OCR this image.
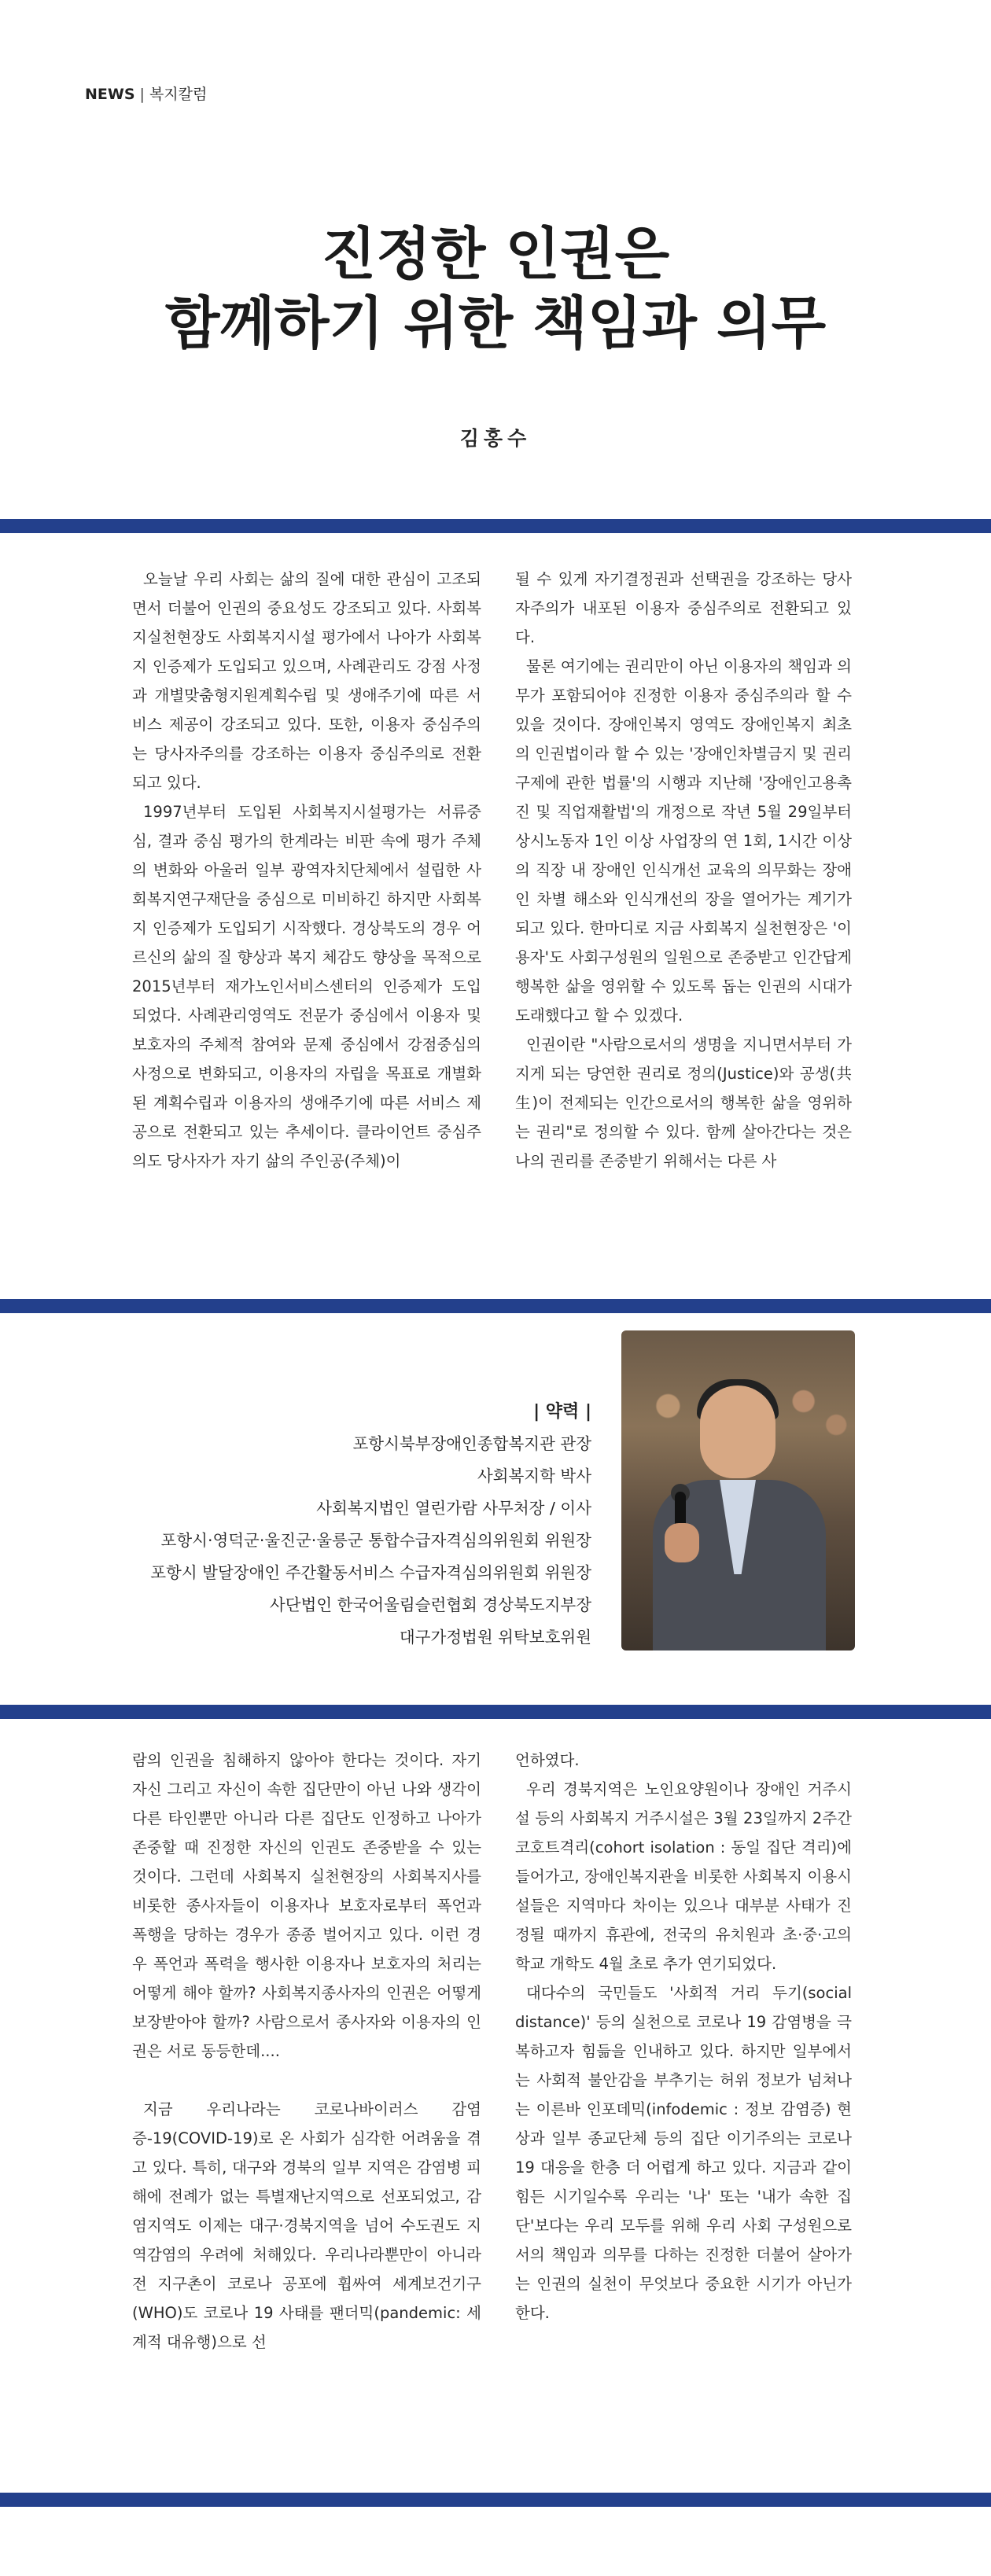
NEWS | 복지칼럼
진정한 인권은
함께하기 위한 책임과 의무
김홍수

오늘날 우리 사회는 삶의 질에 대한 관심이 고조되면서 더불어 인권의 중요성도 강조되고 있다. 사회복지실천현장도 사회복지시설 평가에서 나아가 사회복지 인증제가 도입되고 있으며, 사례관리도 강점 사정과 개별맞춤형지원계획수립 및 생애주기에 따른 서비스 제공이 강조되고 있다. 또한, 이용자 중심주의는 당사자주의를 강조하는 이용자 중심주의로 전환되고 있다.

1997년부터 도입된 사회복지시설평가는 서류중심, 결과 중심 평가의 한계라는 비판 속에 평가 주체의 변화와 아울러 일부 광역자치단체에서 설립한 사회복지연구재단을 중심으로 미비하긴 하지만 사회복지 인증제가 도입되기 시작했다. 경상북도의 경우 어르신의 삶의 질 향상과 복지 체감도 향상을 목적으로 2015년부터 재가노인서비스센터의 인증제가 도입되었다. 사례관리영역도 전문가 중심에서 이용자 및 보호자의 주체적 참여와 문제 중심에서 강점중심의 사정으로 변화되고, 이용자의 자립을 목표로 개별화된 계획수립과 이용자의 생애주기에 따른 서비스 제공으로 전환되고 있는 추세이다. 클라이언트 중심주의도 당사자가 자기 삶의 주인공(주체)이

될 수 있게 자기결정권과 선택권을 강조하는 당사자주의가 내포된 이용자 중심주의로 전환되고 있다.

물론 여기에는 권리만이 아닌 이용자의 책임과 의무가 포함되어야 진정한 이용자 중심주의라 할 수 있을 것이다. 장애인복지 영역도 장애인복지 최초의 인권법이라 할 수 있는 '장애인차별금지 및 권리구제에 관한 법률'의 시행과 지난해 '장애인고용촉진 및 직업재활법'의 개정으로 작년 5월 29일부터 상시노동자 1인 이상 사업장의 연 1회, 1시간 이상의 직장 내 장애인 인식개선 교육의 의무화는 장애인 차별 해소와 인식개선의 장을 열어가는 계기가 되고 있다. 한마디로 지금 사회복지 실천현장은 '이용자'도 사회구성원의 일원으로 존중받고 인간답게 행복한 삶을 영위할 수 있도록 돕는 인권의 시대가 도래했다고 할 수 있겠다.

인권이란 "사람으로서의 생명을 지니면서부터 가지게 되는 당연한 권리로 정의(Justice)와 공생(共生)이 전제되는 인간으로서의 행복한 삶을 영위하는 권리"로 정의할 수 있다. 함께 살아간다는 것은 나의 권리를 존중받기 위해서는 다른 사

| 약력 |
포항시북부장애인종합복지관 관장
사회복지학 박사
사회복지법인 열린가람 사무처장 / 이사
포항시·영덕군·울진군·울릉군 통합수급자격심의위원회 위원장
포항시 발달장애인 주간활동서비스 수급자격심의위원회 위원장
사단법인 한국어울림슬런협회 경상북도지부장
대구가정법원 위탁보호위원

람의 인권을 침해하지 않아야 한다는 것이다. 자기 자신 그리고 자신이 속한 집단만이 아닌 나와 생각이 다른 타인뿐만 아니라 다른 집단도 인정하고 나아가 존중할 때 진정한 자신의 인권도 존중받을 수 있는 것이다. 그런데 사회복지 실천현장의 사회복지사를 비롯한 종사자들이 이용자나 보호자로부터 폭언과 폭행을 당하는 경우가 종종 벌어지고 있다. 이런 경우 폭언과 폭력을 행사한 이용자나 보호자의 처리는 어떻게 해야 할까? 사회복지종사자의 인권은 어떻게 보장받아야 할까? 사람으로서 종사자와 이용자의 인권은 서로 동등한데....

지금 우리나라는 코로나바이러스 감염증-19(COVID-19)로 온 사회가 심각한 어려움을 겪고 있다. 특히, 대구와 경북의 일부 지역은 감염병 피해에 전례가 없는 특별재난지역으로 선포되었고, 감염지역도 이제는 대구·경북지역을 넘어 수도권도 지역감염의 우려에 처해있다. 우리나라뿐만이 아니라 전 지구촌이 코로나 공포에 휩싸여 세계보건기구(WHO)도 코로나 19 사태를 팬더믹(pandemic: 세계적 대유행)으로 선

언하였다.

우리 경북지역은 노인요양원이나 장애인 거주시설 등의 사회복지 거주시설은 3월 23일까지 2주간 코호트격리(cohort isolation : 동일 집단 격리)에 들어가고, 장애인복지관을 비롯한 사회복지 이용시설들은 지역마다 차이는 있으나 대부분 사태가 진정될 때까지 휴관에, 전국의 유치원과 초·중·고의 학교 개학도 4월 초로 추가 연기되었다.

대다수의 국민들도 '사회적 거리 두기(social distance)' 등의 실천으로 코로나 19 감염병을 극복하고자 힘듦을 인내하고 있다. 하지만 일부에서는 사회적 불안감을 부추기는 허위 정보가 넘쳐나는 이른바 인포데믹(infodemic : 정보 감염증) 현상과 일부 종교단체 등의 집단 이기주의는 코로나 19 대응을 한층 더 어렵게 하고 있다. 지금과 같이 힘든 시기일수록 우리는 '나' 또는 '내가 속한 집단'보다는 우리 모두를 위해 우리 사회 구성원으로서의 책임과 의무를 다하는 진정한 더불어 살아가는 인권의 실천이 무엇보다 중요한 시기가 아닌가 한다.
